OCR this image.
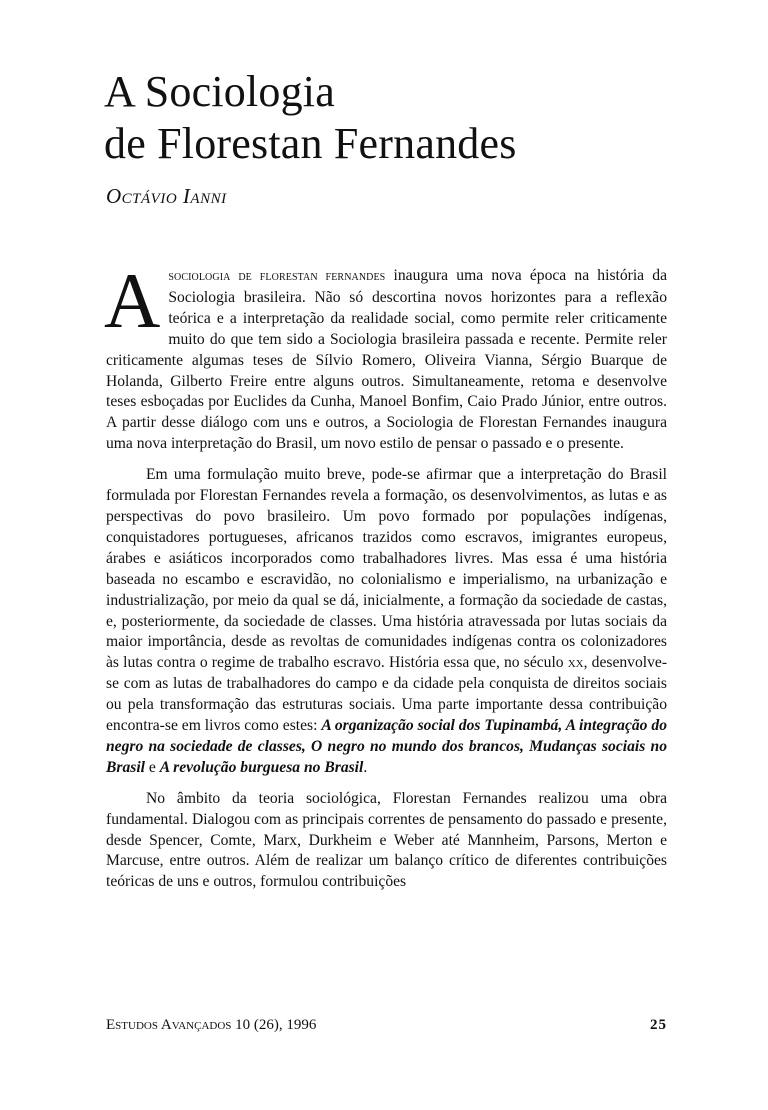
A Sociologia
de Florestan Fernandes
Octávio Ianni

Asociologia de florestan fernandes inaugura uma nova época na história da Sociologia brasileira. Não só descortina novos horizontes para a reflexão teórica e a interpretação da realidade social, como permite reler criticamente muito do que tem sido a Sociologia brasileira passada e recente. Permite reler criticamente algumas teses de Sílvio Romero, Oliveira Vianna, Sérgio Buarque de Holanda, Gilberto Freire entre alguns outros. Simultaneamente, retoma e desenvolve teses esboçadas por Euclides da Cunha, Manoel Bonfim, Caio Prado Júnior, entre outros. A partir desse diálogo com uns e outros, a Sociologia de Florestan Fernandes inaugura uma nova interpretação do Brasil, um novo estilo de pensar o passado e o presente.

Em uma formulação muito breve, pode-se afirmar que a interpretação do Brasil formulada por Florestan Fernandes revela a formação, os desenvolvimentos, as lutas e as perspectivas do povo brasileiro. Um povo formado por populações indígenas, conquistadores portugueses, africanos trazidos como escravos, imigrantes europeus, árabes e asiáticos incorporados como trabalhadores livres. Mas essa é uma história baseada no escambo e escravidão, no colonialismo e imperialismo, na urbanização e industrialização, por meio da qual se dá, inicialmente, a formação da sociedade de castas, e, posteriormente, da sociedade de classes. Uma história atravessada por lutas sociais da maior importância, desde as revoltas de comunidades indígenas contra os colonizadores às lutas contra o regime de trabalho escravo. História essa que, no século xx, desenvolve-se com as lutas de trabalhadores do campo e da cidade pela conquista de direitos sociais ou pela transformação das estruturas sociais. Uma parte importante dessa contribuição encontra-se em livros como estes: A organização social dos Tupinambá, A integração do negro na sociedade de classes, O negro no mundo dos brancos, Mudanças sociais no Brasil e A revolução burguesa no Brasil.

No âmbito da teoria sociológica, Florestan Fernandes realizou uma obra fundamental. Dialogou com as principais correntes de pensamento do passado e presente, desde Spencer, Comte, Marx, Durkheim e Weber até Mannheim, Parsons, Merton e Marcuse, entre outros. Além de realizar um balanço crítico de diferentes contribuições teóricas de uns e outros, formulou contribuições

Estudos Avançados 10 (26), 1996	25
